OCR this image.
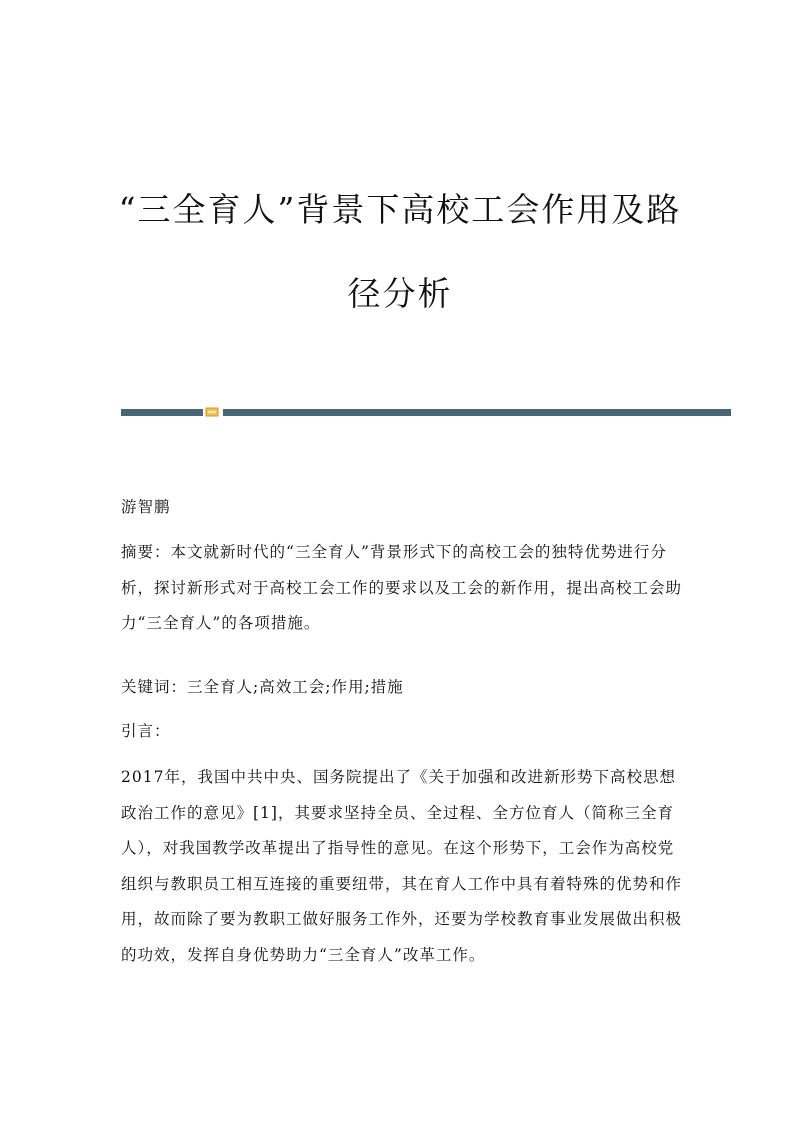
“三全育人”背景下高校工会作用及路
径分析
游智鹏
摘要：本文就新时代的“三全育人”背景形式下的高校工会的独特优势进行分析，探讨新形式对于高校工会工作的要求以及工会的新作用，提出高校工会助力“三全育人”的各项措施。
关键词：三全育人;高效工会;作用;措施
引言：
2017年，我国中共中央、国务院提出了《关于加强和改进新形势下高校思想政治工作的意见》[1]，其要求坚持全员、全过程、全方位育人（简称三全育人），对我国教学改革提出了指导性的意见。在这个形势下，工会作为高校党组织与教职员工相互连接的重要纽带，其在育人工作中具有着特殊的优势和作用，故而除了要为教职工做好服务工作外，还要为学校教育事业发展做出积极的功效，发挥自身优势助力“三全育人”改革工作。
